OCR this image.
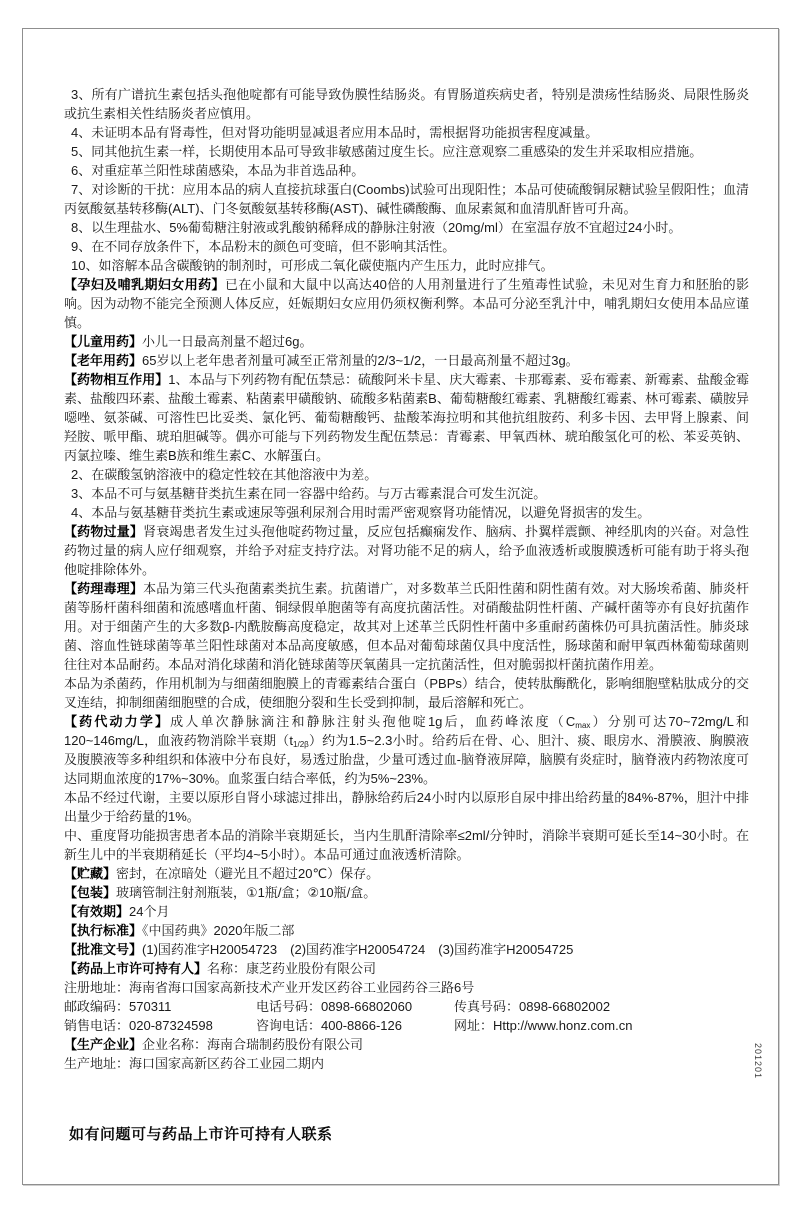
3、所有广谱抗生素包括头孢他啶都有可能导致伪膜性结肠炎。有胃肠道疾病史者，特别是溃疡性结肠炎、局限性肠炎或抗生素相关性结肠炎者应慎用。
4、未证明本品有肾毒性，但对肾功能明显减退者应用本品时，需根据肾功能损害程度减量。
5、同其他抗生素一样，长期使用本品可导致非敏感菌过度生长。应注意观察二重感染的发生并采取相应措施。
6、对重症革兰阳性球菌感染，本品为非首选品种。
7、对诊断的干扰：应用本品的病人直接抗球蛋白(Coombs)试验可出现阳性；本品可使硫酸铜尿糖试验呈假阳性；血清丙氨酸氨基转移酶(ALT)、门冬氨酸氨基转移酶(AST)、碱性磷酸酶、血尿素氮和血清肌酐皆可升高。
8、以生理盐水、5%葡萄糖注射液或乳酸钠稀释成的静脉注射液（20mg/ml）在室温存放不宜超过24小时。
9、在不同存放条件下，本品粉末的颜色可变暗，但不影响其活性。
10、如溶解本品含碳酸钠的制剂时，可形成二氧化碳使瓶内产生压力，此时应排气。
【孕妇及哺乳期妇女用药】已在小鼠和大鼠中以高达40倍的人用剂量进行了生殖毒性试验，未见对生育力和胚胎的影响。因为动物不能完全预测人体反应，妊娠期妇女应用仍须权衡利弊。本品可分泌至乳汁中，哺乳期妇女使用本品应谨慎。
【儿童用药】小儿一日最高剂量不超过6g。
【老年用药】65岁以上老年患者剂量可减至正常剂量的2/3~1/2，一日最高剂量不超过3g。
【药物相互作用】1、本品与下列药物有配伍禁忌：硫酸阿米卡星、庆大霉素、卡那霉素、妥布霉素、新霉素、盐酸金霉素、盐酸四环素、盐酸土霉素、粘菌素甲磺酸钠、硫酸多粘菌素B、葡萄糖酸红霉素、乳糖酸红霉素、林可霉素、磺胺异噁唑、氨茶碱、可溶性巴比妥类、氯化钙、葡萄糖酸钙、盐酸苯海拉明和其他抗组胺药、利多卡因、去甲肾上腺素、间羟胺、哌甲酯、琥珀胆碱等。偶亦可能与下列药物发生配伍禁忌：青霉素、甲氧西林、琥珀酸氢化可的松、苯妥英钠、丙氯拉嗪、维生素B族和维生素C、水解蛋白。
2、在碳酸氢钠溶液中的稳定性较在其他溶液中为差。
3、本品不可与氨基糖苷类抗生素在同一容器中给药。与万古霉素混合可发生沉淀。
4、本品与氨基糖苷类抗生素或速尿等强利尿剂合用时需严密观察肾功能情况，以避免肾损害的发生。
【药物过量】肾衰竭患者发生过头孢他啶药物过量，反应包括癫痫发作、脑病、扑翼样震颤、神经肌肉的兴奋。对急性药物过量的病人应仔细观察，并给予对症支持疗法。对肾功能不足的病人，给予血液透析或腹膜透析可能有助于将头孢他啶排除体外。
【药理毒理】本品为第三代头孢菌素类抗生素。抗菌谱广，对多数革兰氏阳性菌和阴性菌有效。对大肠埃希菌、肺炎杆菌等肠杆菌科细菌和流感嗜血杆菌、铜绿假单胞菌等有高度抗菌活性。对硝酸盐阴性杆菌、产碱杆菌等亦有良好抗菌作用。对于细菌产生的大多数β-内酰胺酶高度稳定，故其对上述革兰氏阴性杆菌中多重耐药菌株仍可具抗菌活性。肺炎球菌、溶血性链球菌等革兰阳性球菌对本品高度敏感，但本品对葡萄球菌仅具中度活性，肠球菌和耐甲氧西林葡萄球菌则往往对本品耐药。本品对消化球菌和消化链球菌等厌氧菌具一定抗菌活性，但对脆弱拟杆菌抗菌作用差。
本品为杀菌药，作用机制为与细菌细胞膜上的青霉素结合蛋白（PBPs）结合，使转肽酶酰化，影响细胞壁粘肽成分的交叉连结，抑制细菌细胞壁的合成，使细胞分裂和生长受到抑制，最后溶解和死亡。
【药代动力学】成人单次静脉滴注和静脉注射头孢他啶1g后，血药峰浓度$(C_{max})$分别可达70~72mg/L和120~146mg/L，血液药物消除半衰期$(t_{1/2\beta})$约为1.5~2.3小时。给药后在骨、心、胆汁、痰、眼房水、滑膜液、胸膜液及腹膜液等多种组织和体液中分布良好，易透过胎盘，少量可透过血-脑脊液屏障，脑膜有炎症时，脑脊液内药物浓度可达同期血浓度的17%~30%。血浆蛋白结合率低，约为5%~23%。
本品不经过代谢，主要以原形自肾小球滤过排出，静脉给药后24小时内以原形自尿中排出给药量的84%-87%，胆汁中排出量少于给药量的1%。
中、重度肾功能损害患者本品的消除半衰期延长，当内生肌酐清除率≤2ml/分钟时，消除半衰期可延长至14~30小时。在新生儿中的半衰期稍延长（平均4~5小时）。本品可通过血液透析清除。
【贮藏】密封，在凉暗处（避光且不超过20℃）保存。
【包装】玻璃管制注射剂瓶装，①1瓶/盒；②10瓶/盒。
【有效期】24个月
【执行标准】《中国药典》2020年版二部
【批准文号】(1)国药准字H20054723  (2)国药准字H20054724  (3)国药准字H20054725
【药品上市许可持有人】名称：康芝药业股份有限公司
注册地址：海南省海口国家高新技术产业开发区药谷工业园药谷三路6号
邮政编码：570311	电话号码：0898-66802060	传真号码：0898-66802002
销售电话：020-87324598	咨询电话：400-8866-126	网址：Http://www.honz.com.cn
【生产企业】企业名称：海南合瑞制药股份有限公司
生产地址：海口国家高新区药谷工业园二期内
如有问题可与药品上市许可持有人联系
201201
